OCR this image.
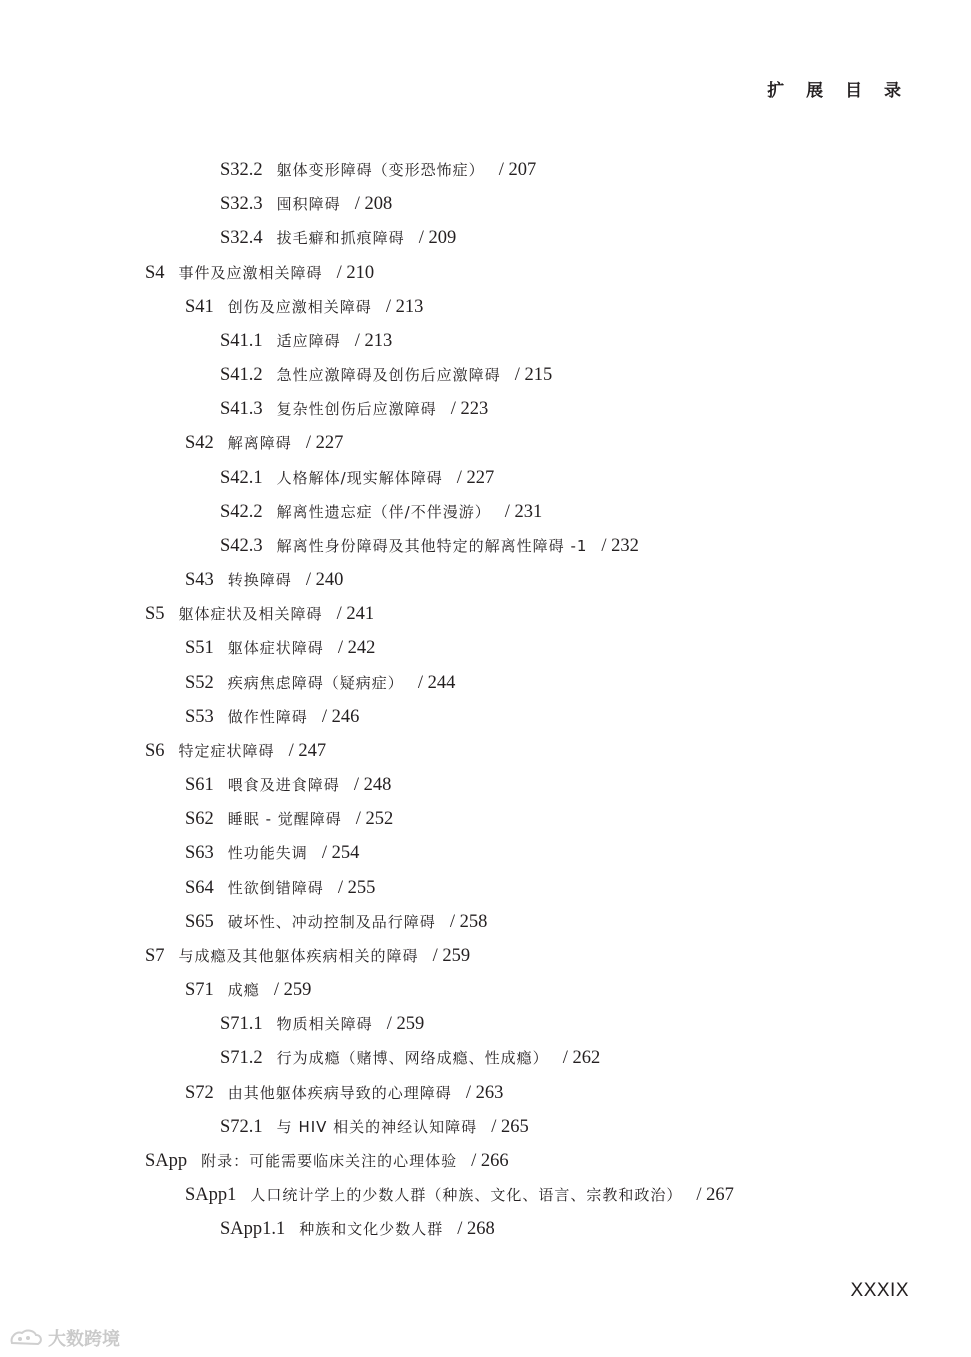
扩 展 目 录
S32.2 躯体变形障碍（变形恐怖症） / 207
S32.3 囤积障碍 / 208
S32.4 拔毛癖和抓痕障碍 / 209
S4 事件及应激相关障碍 / 210
S41 创伤及应激相关障碍 / 213
S41.1 适应障碍 / 213
S41.2 急性应激障碍及创伤后应激障碍 / 215
S41.3 复杂性创伤后应激障碍 / 223
S42 解离障碍 / 227
S42.1 人格解体/现实解体障碍 / 227
S42.2 解离性遗忘症（伴/不伴漫游） / 231
S42.3 解离性身份障碍及其他特定的解离性障碍 -1 / 232
S43 转换障碍 / 240
S5 躯体症状及相关障碍 / 241
S51 躯体症状障碍 / 242
S52 疾病焦虑障碍（疑病症） / 244
S53 做作性障碍 / 246
S6 特定症状障碍 / 247
S61 喂食及进食障碍 / 248
S62 睡眠 - 觉醒障碍 / 252
S63 性功能失调 / 254
S64 性欲倒错障碍 / 255
S65 破坏性、冲动控制及品行障碍 / 258
S7 与成瘾及其他躯体疾病相关的障碍 / 259
S71 成瘾 / 259
S71.1 物质相关障碍 / 259
S71.2 行为成瘾（赌博、网络成瘾、性成瘾） / 262
S72 由其他躯体疾病导致的心理障碍 / 263
S72.1 与 HIV 相关的神经认知障碍 / 265
SApp 附录：可能需要临床关注的心理体验 / 266
SApp1 人口统计学上的少数人群（种族、文化、语言、宗教和政治） / 267
SApp1.1 种族和文化少数人群 / 268
XXXIX
大数跨境
